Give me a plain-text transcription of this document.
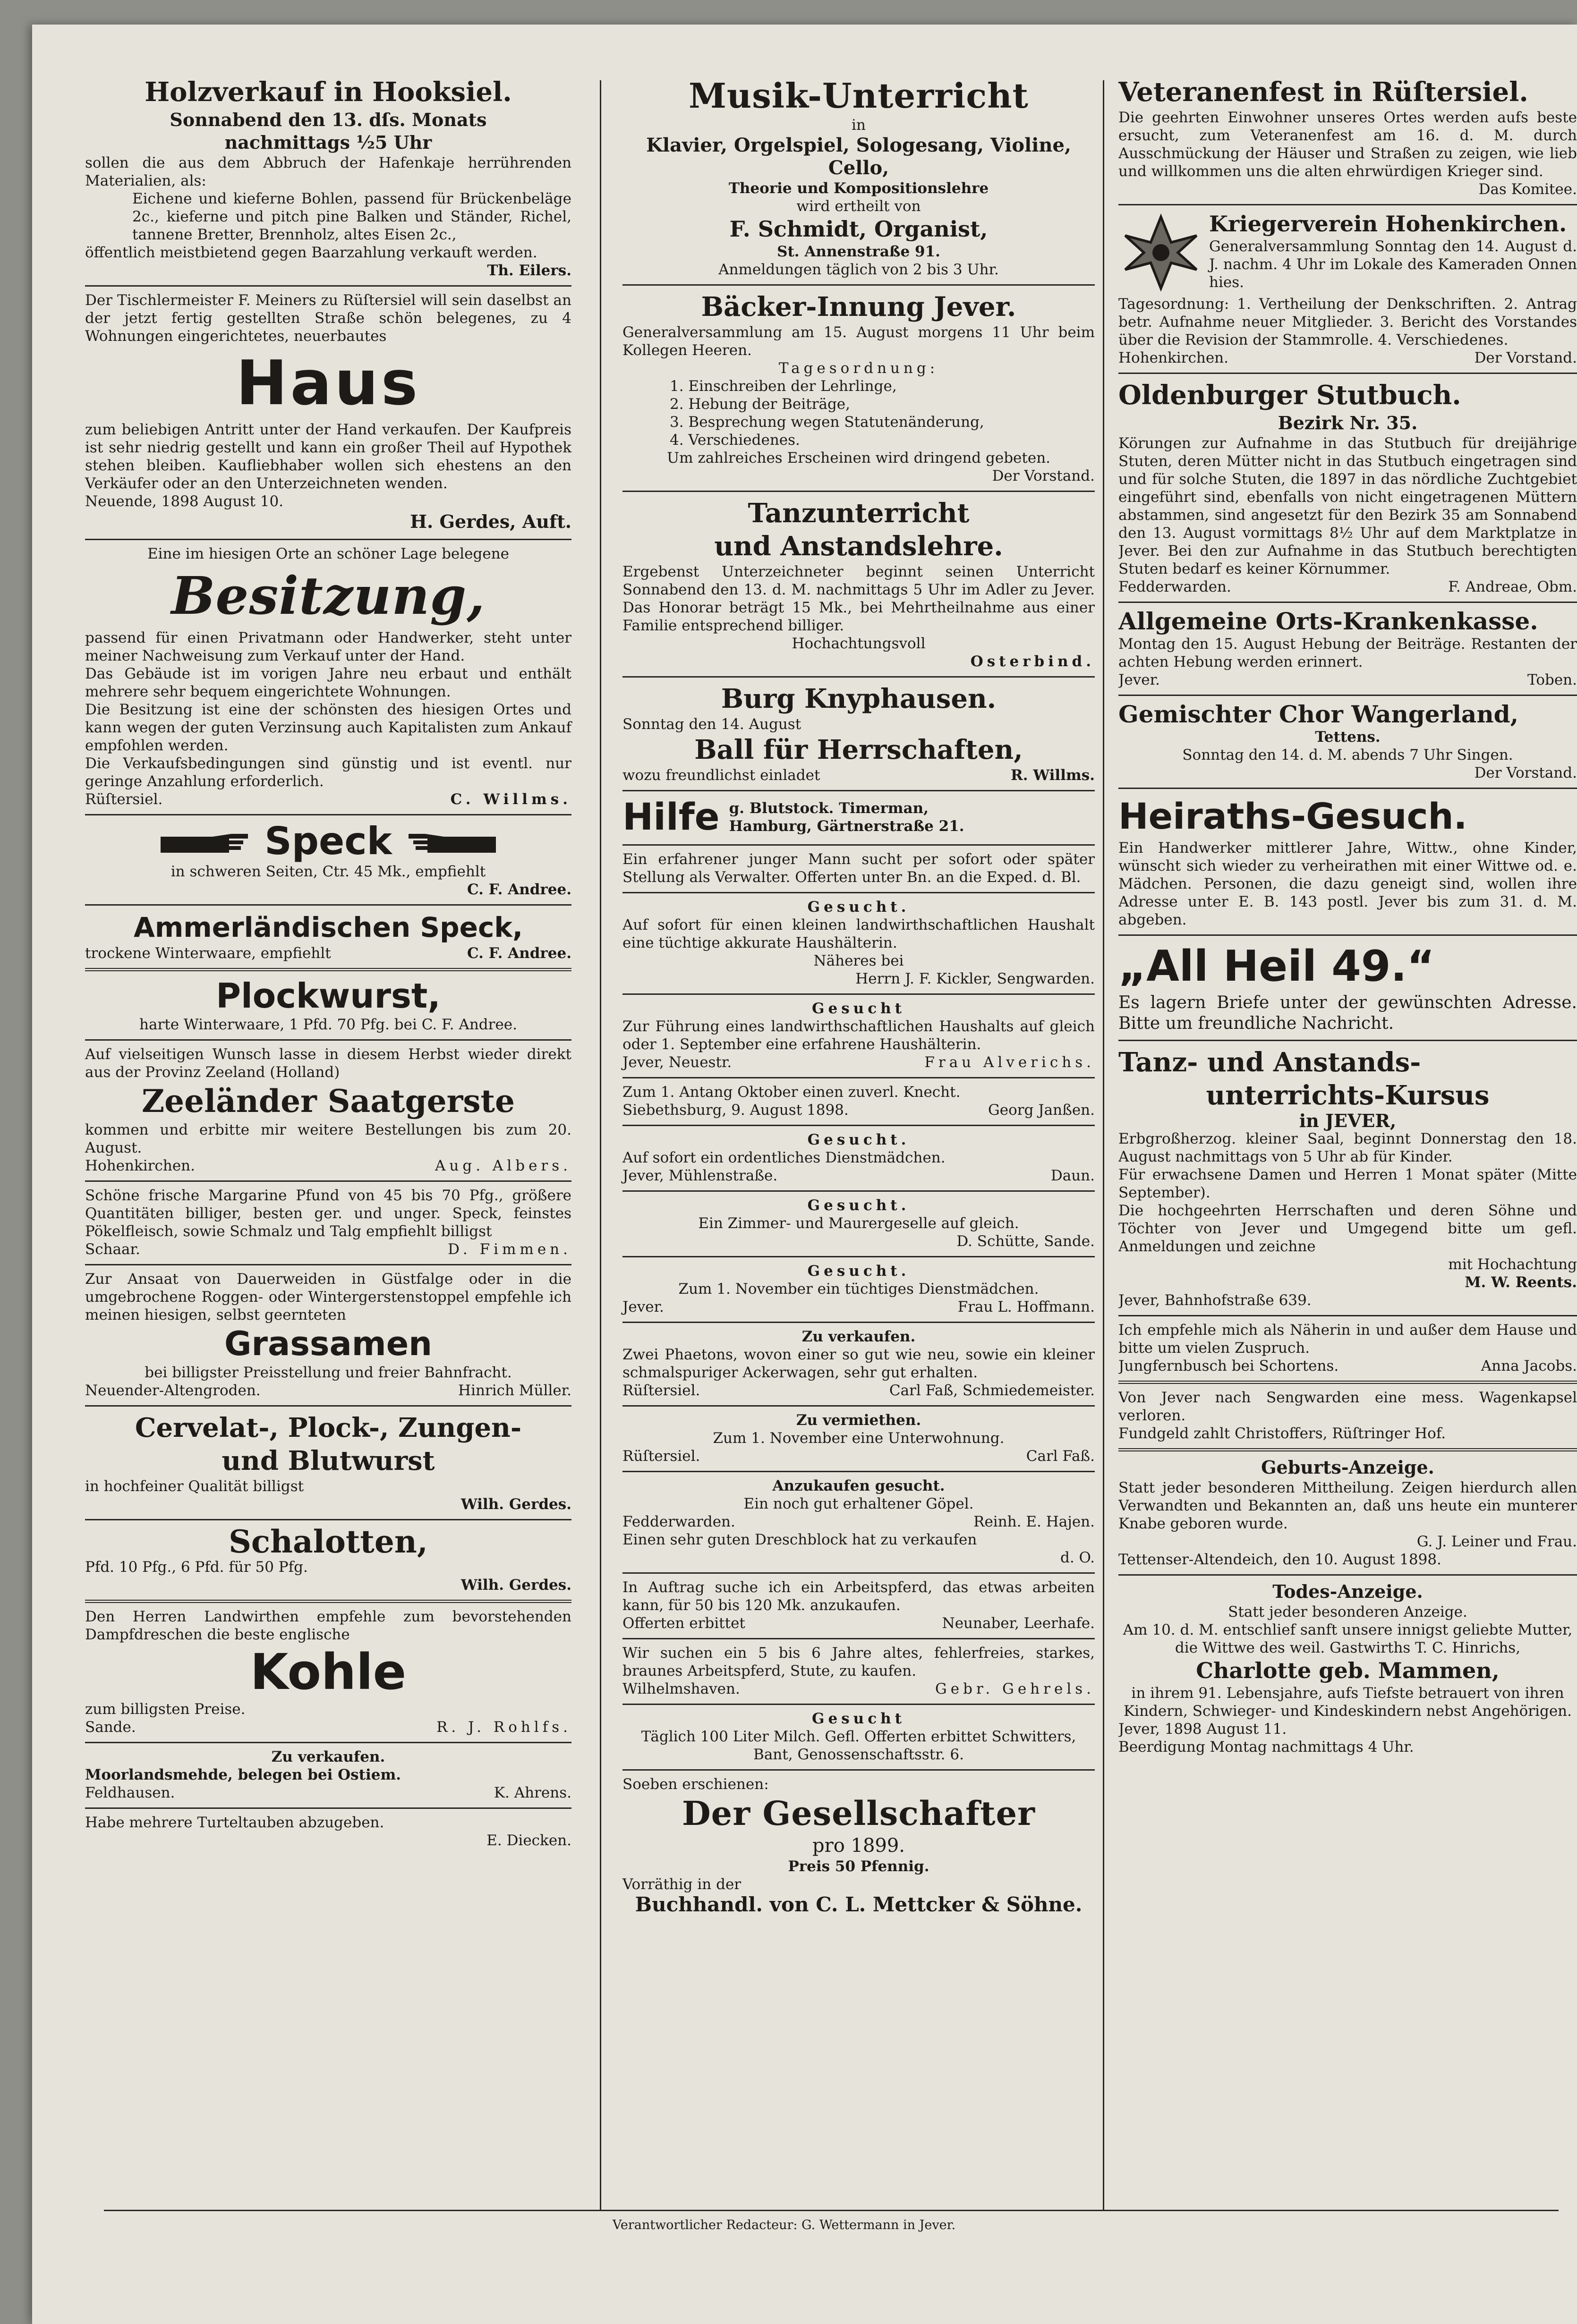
Holzverkauf in Hooksiel.
Sonnabend den 13. dſs. Monats
nachmittags ½5 Uhr

sollen die aus dem Abbruch der Hafenkaje herrührenden Materialien, als:

Eichene und kieferne Bohlen, passend für Brückenbeläge 2c., kieferne und pitch pine Balken und Ständer, Richel, tannene Bretter, Brennholz, altes Eisen 2c.,

öffentlich meistbietend gegen Baarzahlung verkauft werden.

Th. Eilers.

Der Tischlermeister F. Meiners zu Rüſtersiel will sein daselbst an der jetzt fertig gestellten Straße schön belegenes, zu 4 Wohnungen eingerichtetes, neuerbautes

Haus

zum beliebigen Antritt unter der Hand verkaufen. Der Kaufpreis ist sehr niedrig gestellt und kann ein großer Theil auf Hypothek stehen bleiben. Kaufliebhaber wollen sich ehestens an den Verkäufer oder an den Unterzeichneten wenden.

Neuende, 1898 August 10.

H. Gerdes, Auft.

Eine im hiesigen Orte an schöner Lage belegene

Besitzung,

passend für einen Privatmann oder Handwerker, steht unter meiner Nachweisung zum Verkauf unter der Hand.

Das Gebäude ist im vorigen Jahre neu erbaut und enthält mehrere sehr bequem eingerichtete Wohnungen.

Die Besitzung ist eine der schönsten des hiesigen Ortes und kann wegen der guten Verzinsung auch Kapitalisten zum Ankauf empfohlen werden.

Die Verkaufsbedingungen sind günstig und ist eventl. nur geringe Anzahlung erforderlich.

Rüſtersiel.	C. Willms.
Speck

in schweren Seiten, Ctr. 45 Mk., empfiehlt

C. F. Andree.

Ammerländischen Speck,
trockene Winterwaare, empfiehlt	C. F. Andree.
Plockwurst,

harte Winterwaare, 1 Pfd. 70 Pfg. bei C. F. Andree.

Auf vielseitigen Wunsch lasse in diesem Herbst wieder direkt aus der Provinz Zeeland (Holland)

Zeeländer Saatgerste

kommen und erbitte mir weitere Bestellungen bis zum 20. August.

Hohenkirchen.	Aug. Albers.

Schöne frische Margarine Pfund von 45 bis 70 Pfg., größere Quantitäten billiger, besten ger. und unger. Speck, feinstes Pökelfleisch, sowie Schmalz und Talg empfiehlt billigst

Schaar.	D. Fimmen.

Zur Ansaat von Dauerweiden in Güstfalge oder in die umgebrochene Roggen- oder Wintergerstenstoppel empfehle ich meinen hiesigen, selbst geernteten

Grassamen

bei billigster Preisstellung und freier Bahnfracht.

Neuender-Altengroden.	Hinrich Müller.
Cervelat-, Plock-, Zungen-
und Blutwurst

in hochfeiner Qualität billigst

Wilh. Gerdes.

Schalotten,

Pfd. 10 Pfg., 6 Pfd. für 50 Pfg.

Wilh. Gerdes.

Den Herren Landwirthen empfehle zum bevorstehenden Dampfdreschen die beste englische

Kohle

zum billigsten Preise.

Sande.	R. J. Rohlfs.

Zu verkaufen.

Moorlandsmehde, belegen bei Ostiem.

Feldhausen.	K. Ahrens.

Habe mehrere Turteltauben abzugeben.

E. Diecken.

Musik-Unterricht

in

Klavier, Orgelspiel, Sologesang, Violine, Cello,

Theorie und Kompositionslehre

wird ertheilt von

F. Schmidt, Organist,

St. Annenstraße 91.

Anmeldungen täglich von 2 bis 3 Uhr.

Bäcker-Innung Jever.

Generalversammlung am 15. August morgens 11 Uhr beim Kollegen Heeren.

Tagesordnung:

1. Einschreiben der Lehrlinge,

2. Hebung der Beiträge,

3. Besprechung wegen Statutenänderung,

4. Verschiedenes.

Um zahlreiches Erscheinen wird dringend gebeten.

Der Vorstand.

Tanzunterricht
und Anstandslehre.

Ergebenst Unterzeichneter beginnt seinen Unterricht Sonnabend den 13. d. M. nachmittags 5 Uhr im Adler zu Jever. Das Honorar beträgt 15 Mk., bei Mehrtheilnahme aus einer Familie entsprechend billiger.

Hochachtungsvoll

Osterbind.

Burg Knyphausen.

Sonntag den 14. August

Ball für Herrschaften,
wozu freundlichst einladet	R. Willms.
Hilfe g. Blutstock. Timerman,

Hamburg, Gärtnerstraße 21.

Ein erfahrener junger Mann sucht per sofort oder später Stellung als Verwalter. Offerten unter Bn. an die Exped. d. Bl.

Gesucht.

Auf sofort für einen kleinen landwirthschaftlichen Haushalt eine tüchtige akkurate Haushälterin.

Näheres bei

Herrn J. F. Kickler, Sengwarden.

Gesucht

Zur Führung eines landwirthschaftlichen Haushalts auf gleich oder 1. September eine erfahrene Haushälterin.

Jever, Neuestr.	Frau Alverichs.

Zum 1. Antang Oktober einen zuverl. Knecht.

Siebethsburg, 9. August 1898.	Georg Janßen.

Gesucht.

Auf sofort ein ordentliches Dienstmädchen.

Jever, Mühlenstraße.	Daun.

Gesucht.

Ein Zimmer- und Maurergeselle auf gleich.

D. Schütte, Sande.

Gesucht.

Zum 1. November ein tüchtiges Dienstmädchen.

Jever.	Frau L. Hoffmann.

Zu verkaufen.

Zwei Phaetons, wovon einer so gut wie neu, sowie ein kleiner schmalspuriger Ackerwagen, sehr gut erhalten.

Rüſtersiel.	Carl Faß, Schmiedemeister.

Zu vermiethen.

Zum 1. November eine Unterwohnung.

Rüſtersiel.	Carl Faß.

Anzukaufen gesucht.

Ein noch gut erhaltener Göpel.

Fedderwarden.	Reinh. E. Hajen.

Einen sehr guten Dreschblock hat zu verkaufen

d. O.

In Auftrag suche ich ein Arbeitspferd, das etwas arbeiten kann, für 50 bis 120 Mk. anzukaufen.

Offerten erbittet	Neunaber, Leerhafe.

Wir suchen ein 5 bis 6 Jahre altes, fehlerfreies, starkes, braunes Arbeitspferd, Stute, zu kaufen.

Wilhelmshaven.	Gebr. Gehrels.

Gesucht

Täglich 100 Liter Milch. Gefl. Offerten erbittet Schwitters, Bant, Genossenschaftsstr. 6.

Soeben erschienen:

Der Gesellschafter

pro 1899.

Preis 50 Pfennig.

Vorräthig in der

Buchhandl. von C. L. Mettcker & Söhne.
Veteranenfest in Rüſtersiel.

Die geehrten Einwohner unseres Ortes werden aufs beste ersucht, zum Veteranenfest am 16. d. M. durch Ausschmückung der Häuser und Straßen zu zeigen, wie lieb und willkommen uns die alten ehrwürdigen Krieger sind.

Das Komitee.

Kriegerverein Hohenkirchen.

Generalversammlung Sonntag den 14. August d. J. nachm. 4 Uhr im Lokale des Kameraden Onnen hies.

Tagesordnung: 1. Vertheilung der Denkschriften. 2. Antrag betr. Aufnahme neuer Mitglieder. 3. Bericht des Vorstandes über die Revision der Stammrolle. 4. Verschiedenes.

Hohenkirchen.	Der Vorstand.
Oldenburger Stutbuch.
Bezirk Nr. 35.

Körungen zur Aufnahme in das Stutbuch für dreijährige Stuten, deren Mütter nicht in das Stutbuch eingetragen sind und für solche Stuten, die 1897 in das nördliche Zuchtgebiet eingeführt sind, ebenfalls von nicht eingetragenen Müttern abstammen, sind angesetzt für den Bezirk 35 am Sonnabend den 13. August vormittags 8½ Uhr auf dem Marktplatze in Jever. Bei den zur Aufnahme in das Stutbuch berechtigten Stuten bedarf es keiner Körnummer.

Fedderwarden.	F. Andreae, Obm.
Allgemeine Orts-Krankenkasse.

Montag den 15. August Hebung der Beiträge. Restanten der achten Hebung werden erinnert.

Jever.	Toben.
Gemischter Chor Wangerland,

Tettens.

Sonntag den 14. d. M. abends 7 Uhr Singen.

Der Vorstand.

Heiraths-Gesuch.

Ein Handwerker mittlerer Jahre, Wittw., ohne Kinder, wünscht sich wieder zu verheirathen mit einer Wittwe od. e. Mädchen. Personen, die dazu geneigt sind, wollen ihre Adresse unter E. B. 143 postl. Jever bis zum 31. d. M. abgeben.

„All Heil 49.“

Es lagern Briefe unter der gewünschten Adresse. Bitte um freundliche Nachricht.

Tanz- und Anstands-
unterrichts-Kursus

in JEVER,

Erbgroßherzog. kleiner Saal, beginnt Donnerstag den 18. August nachmittags von 5 Uhr ab für Kinder.

Für erwachsene Damen und Herren 1 Monat später (Mitte September).

Die hochgeehrten Herrschaften und deren Söhne und Töchter von Jever und Umgegend bitte um gefl. Anmeldungen und zeichne

mit Hochachtung

M. W. Reents.

Jever, Bahnhofstraße 639.

Ich empfehle mich als Näherin in und außer dem Hause und bitte um vielen Zuspruch.

Jungfernbusch bei Schortens.	Anna Jacobs.

Von Jever nach Sengwarden eine mess. Wagenkapsel verloren.

Fundgeld zahlt Christoffers, Rüſtringer Hof.

Geburts-Anzeige.

Statt jeder besonderen Mittheilung. Zeigen hierdurch allen Verwandten und Bekannten an, daß uns heute ein munterer Knabe geboren wurde.

G. J. Leiner und Frau.

Tettenser-Altendeich, den 10. August 1898.

Todes-Anzeige.

Statt jeder besonderen Anzeige.

Am 10. d. M. entschlief sanft unsere innigst geliebte Mutter, die Wittwe des weil. Gastwirths T. C. Hinrichs,

Charlotte geb. Mammen,

in ihrem 91. Lebensjahre, aufs Tiefste betrauert von ihren Kindern, Schwieger- und Kindeskindern nebst Angehörigen.

Jever, 1898 August 11.

Beerdigung Montag nachmittags 4 Uhr.

Verantwortlicher Redacteur: G. Wettermann in Jever.
